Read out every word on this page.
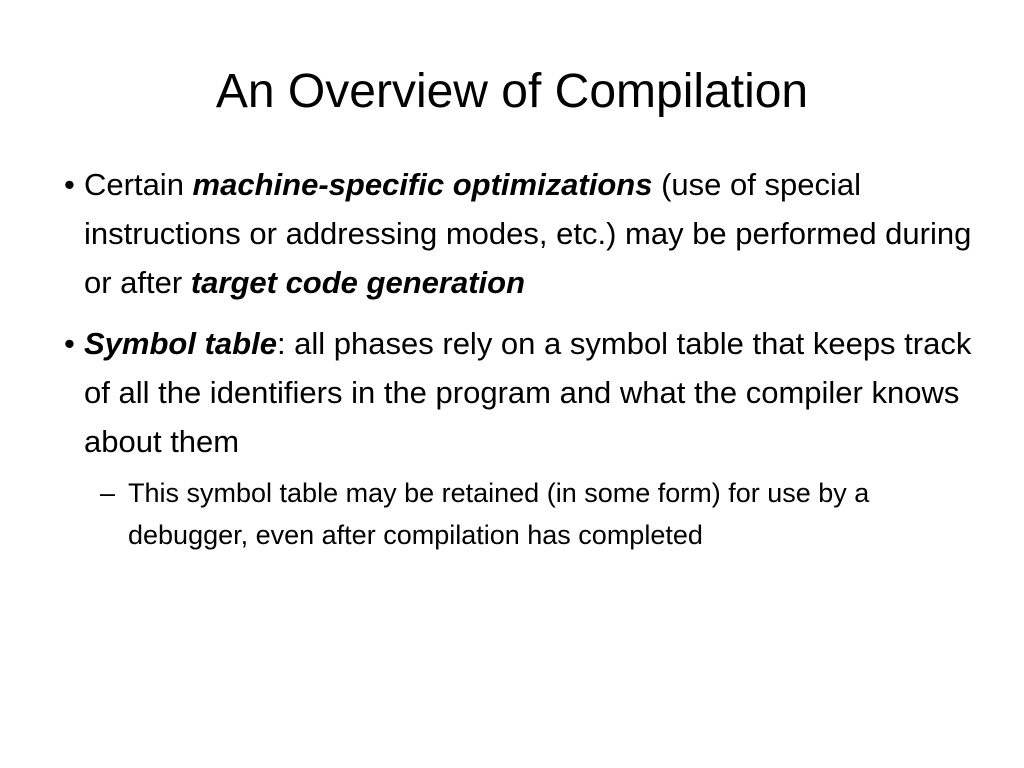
An Overview of Compilation
• Certain machine-specific optimizations (use of special instructions or addressing modes, etc.) may be performed during or after target code generation
• Symbol table: all phases rely on a symbol table that keeps track of all the identifiers in the program and what the compiler knows about them
– This symbol table may be retained (in some form) for use by a debugger, even after compilation has completed
